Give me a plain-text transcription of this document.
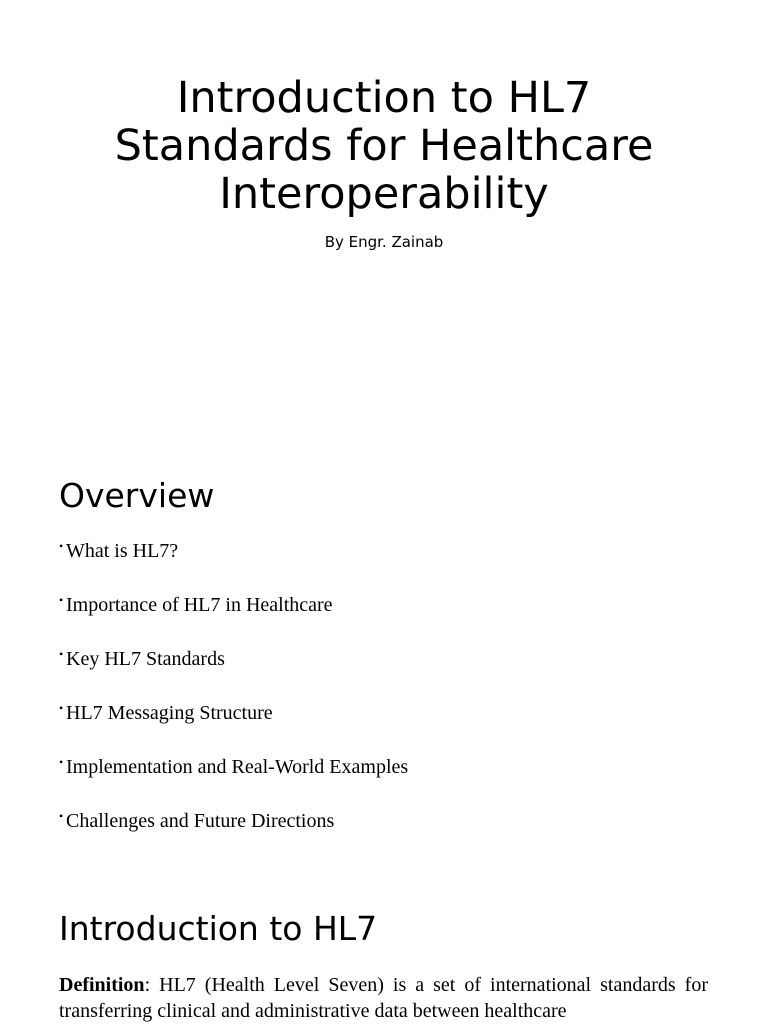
Introduction to HL7
Standards for Healthcare
Interoperability
By Engr. Zainab
Overview
• What is HL7?
• Importance of HL7 in Healthcare
• Key HL7 Standards
• HL7 Messaging Structure
• Implementation and Real-World Examples
• Challenges and Future Directions
Introduction to HL7

Definition: HL7 (Health Level Seven) is a set of international standards for transferring clinical and administrative data between healthcare
